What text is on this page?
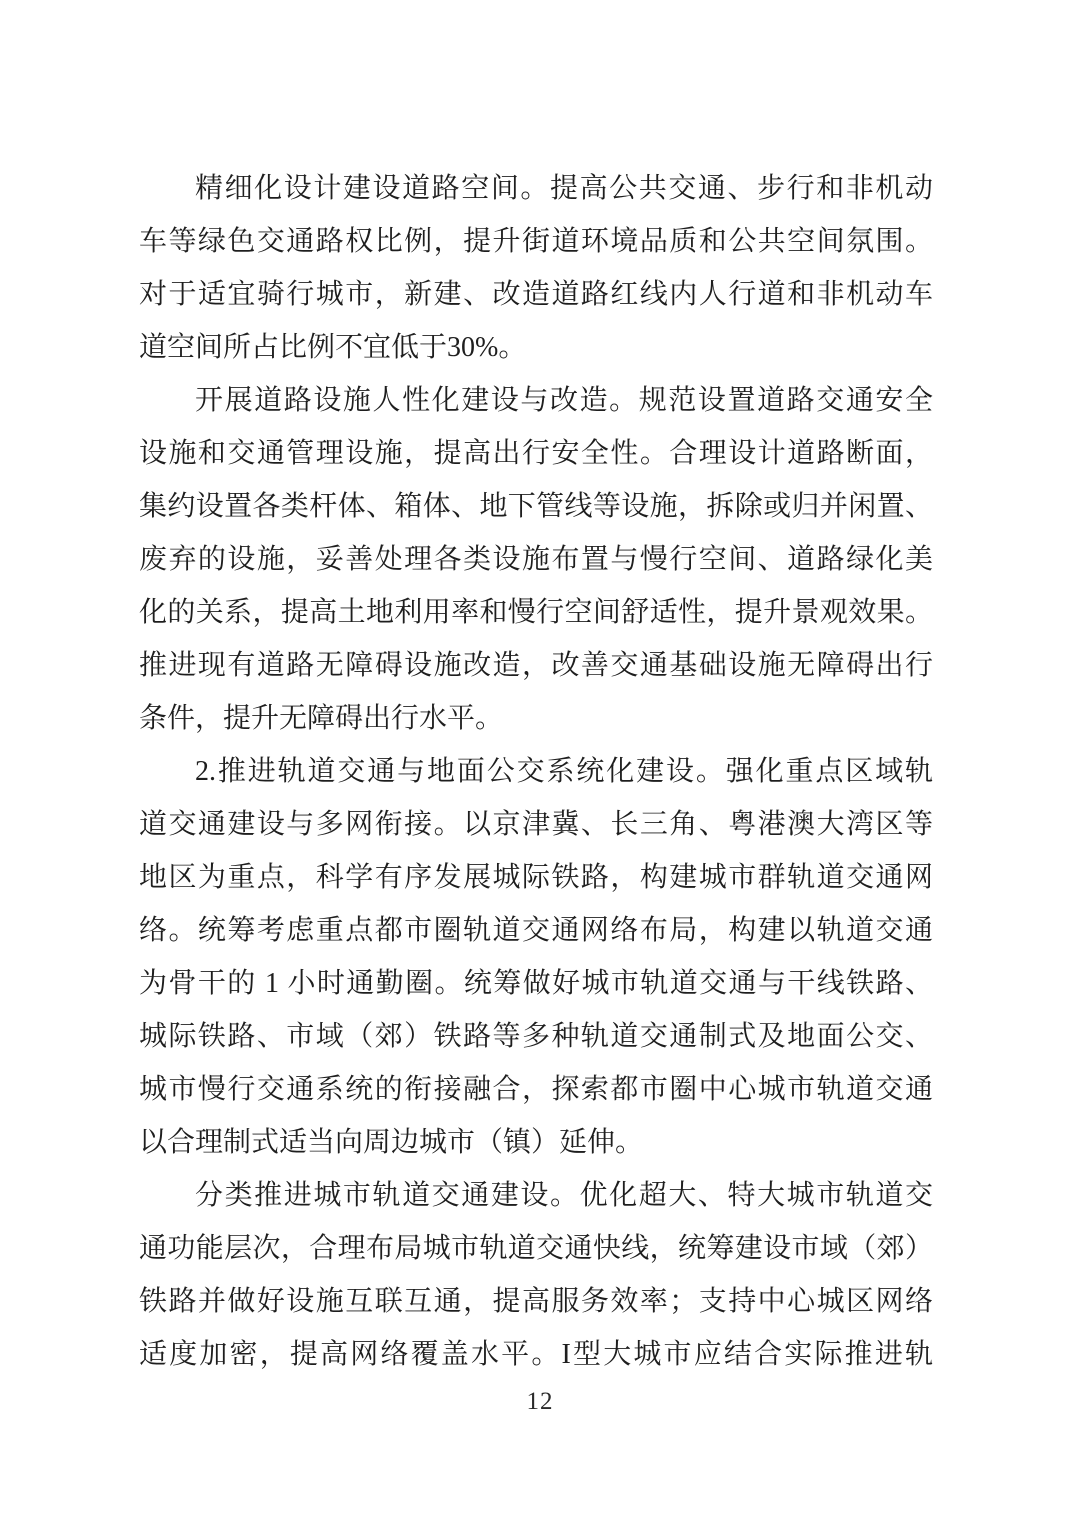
精细化设计建设道路空间。提高公共交通、步行和非机动
车等绿色交通路权比例，提升街道环境品质和公共空间氛围。
对于适宜骑行城市，新建、改造道路红线内人行道和非机动车
道空间所占比例不宜低于30%。
开展道路设施人性化建设与改造。规范设置道路交通安全
设施和交通管理设施，提高出行安全性。合理设计道路断面，
集约设置各类杆体、箱体、地下管线等设施，拆除或归并闲置、
废弃的设施，妥善处理各类设施布置与慢行空间、道路绿化美
化的关系，提高土地利用率和慢行空间舒适性，提升景观效果。
推进现有道路无障碍设施改造，改善交通基础设施无障碍出行
条件，提升无障碍出行水平。
2.推进轨道交通与地面公交系统化建设。强化重点区域轨
道交通建设与多网衔接。以京津冀、长三角、粤港澳大湾区等
地区为重点，科学有序发展城际铁路，构建城市群轨道交通网
络。统筹考虑重点都市圈轨道交通网络布局，构建以轨道交通
为骨干的 1 小时通勤圈。统筹做好城市轨道交通与干线铁路、
城际铁路、市域（郊）铁路等多种轨道交通制式及地面公交、
城市慢行交通系统的衔接融合，探索都市圈中心城市轨道交通
以合理制式适当向周边城市（镇）延伸。
分类推进城市轨道交通建设。优化超大、特大城市轨道交
通功能层次，合理布局城市轨道交通快线，统筹建设市域（郊）
铁路并做好设施互联互通，提高服务效率；支持中心城区网络
适度加密，提高网络覆盖水平。I型大城市应结合实际推进轨
12
